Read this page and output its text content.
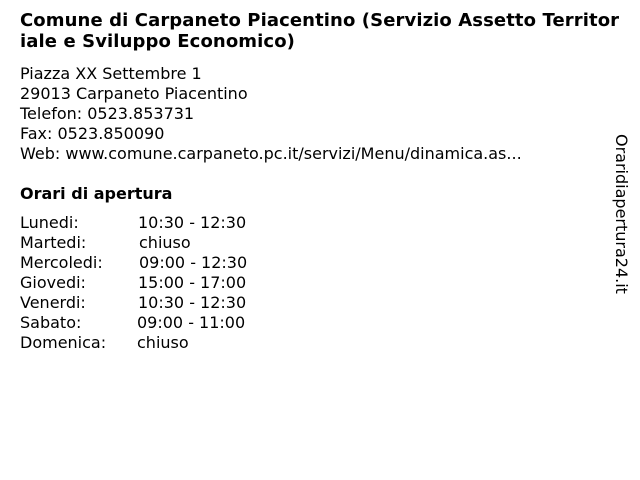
Comune di Carpaneto Piacentino (Servizio Assetto Territoriale e Sviluppo Economico)
Piazza XX Settembre 1
29013 Carpaneto Piacentino
Telefon: 0523.853731
Fax: 0523.850090
Web: www.comune.carpaneto.pc.it/servizi/Menu/dinamica.as...
Orari di apertura
Lunedi:	10:30 - 12:30
Martedi:	chiuso
Mercoledi: 09:00 - 12:30
Giovedi:	15:00 - 17:00
Venerdi:	10:30 - 12:30
Sabato:	09:00 - 11:00
Domenica: chiuso
Oraridiapertura24.it
